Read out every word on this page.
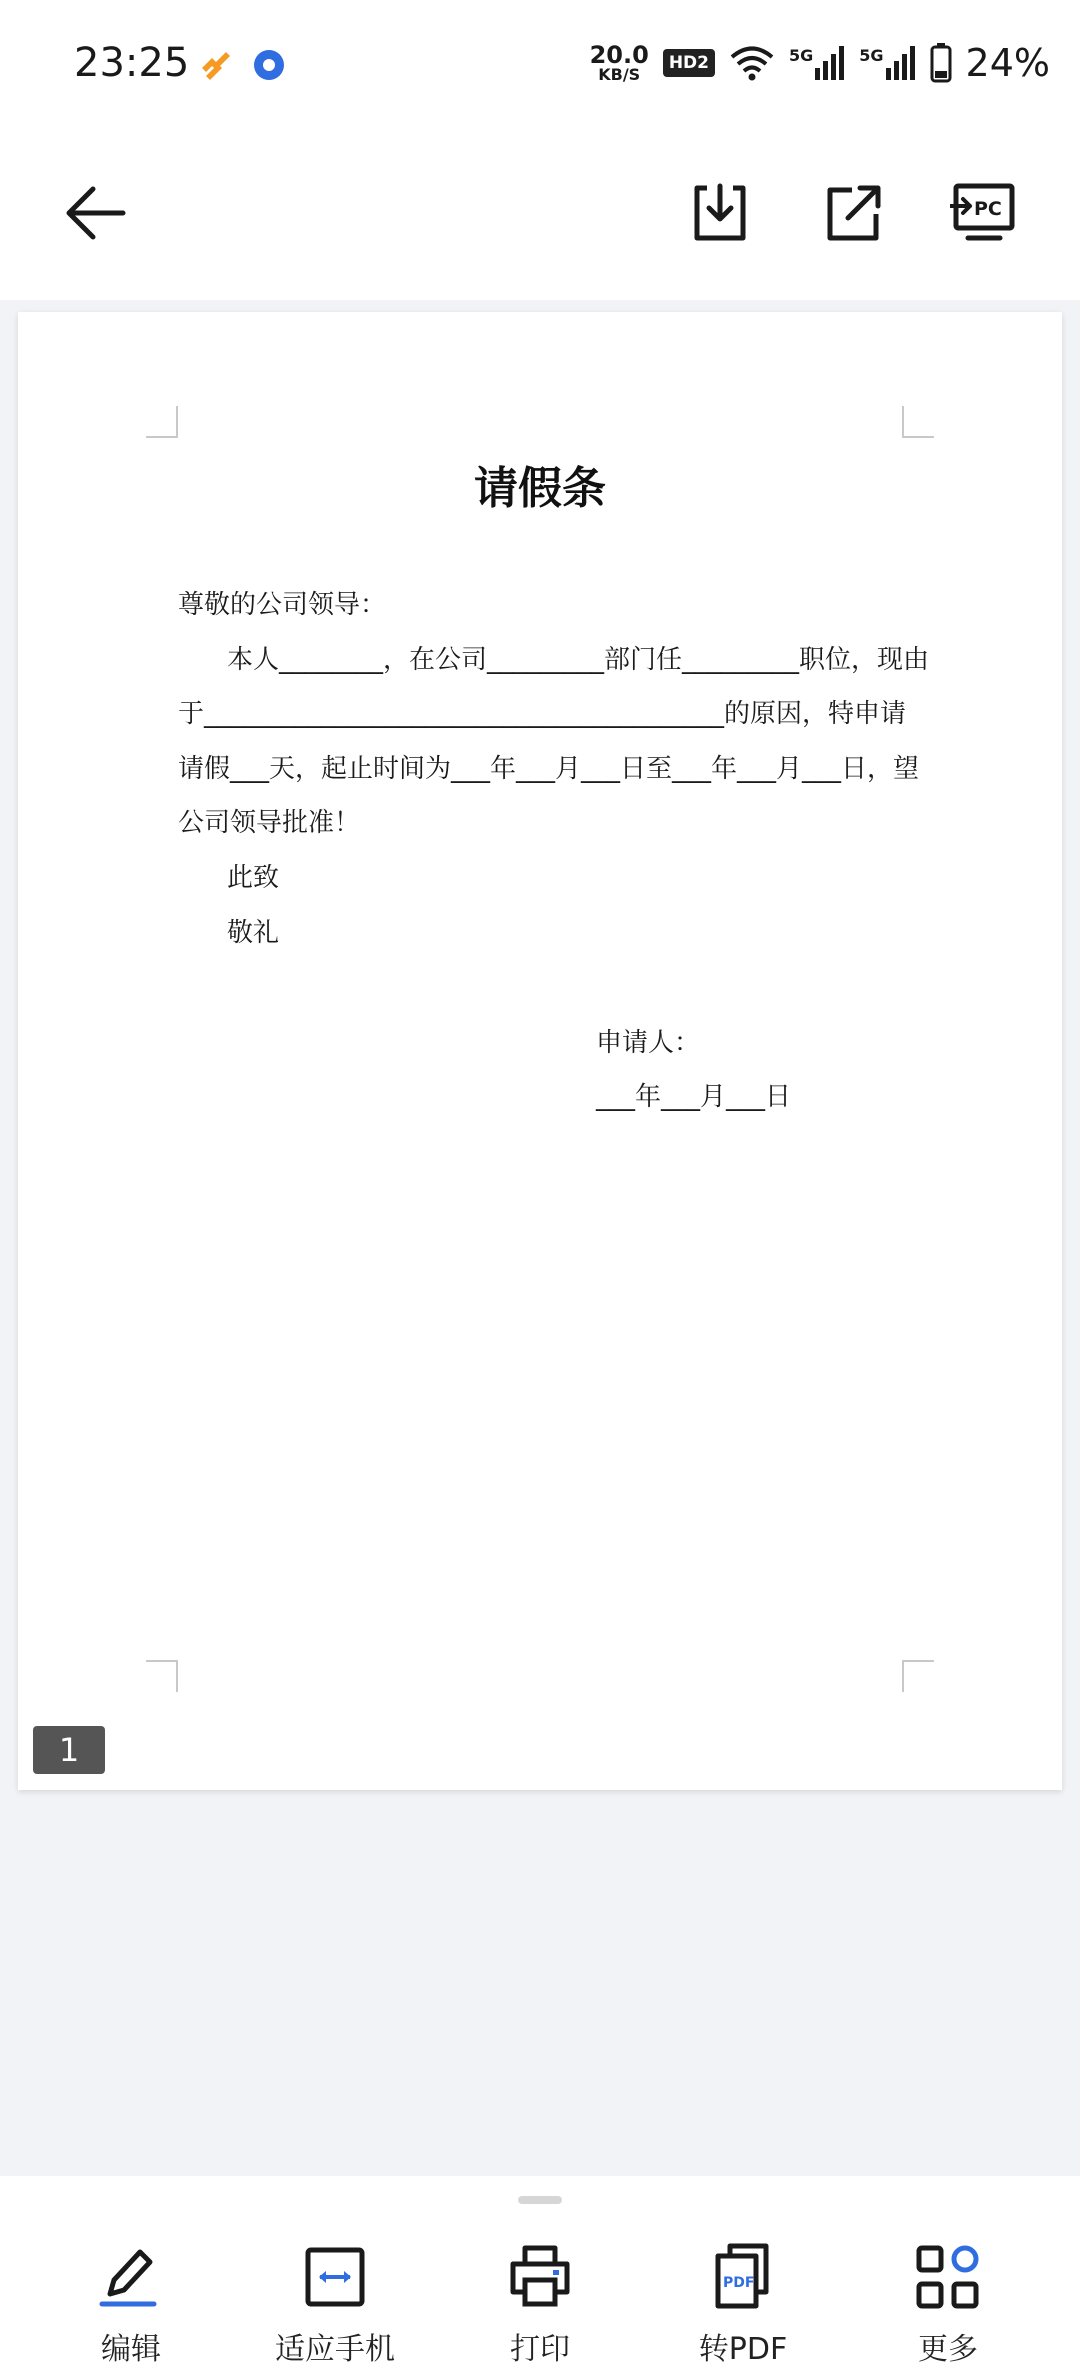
23:25	20.0
KB/S
HD2	5G	5G 24%
PC
请假条
尊敬的公司领导：
本人________，在公司_________部门任_________职位，现由
于________________________________________的原因，特申请
请假___天，起止时间为___年___月___日至___年___月___日，望
公司领导批准！
此致
敬礼
申请人：
___年___月___日
1
编辑	适应手机	打印
PDF
转PDF	更多
